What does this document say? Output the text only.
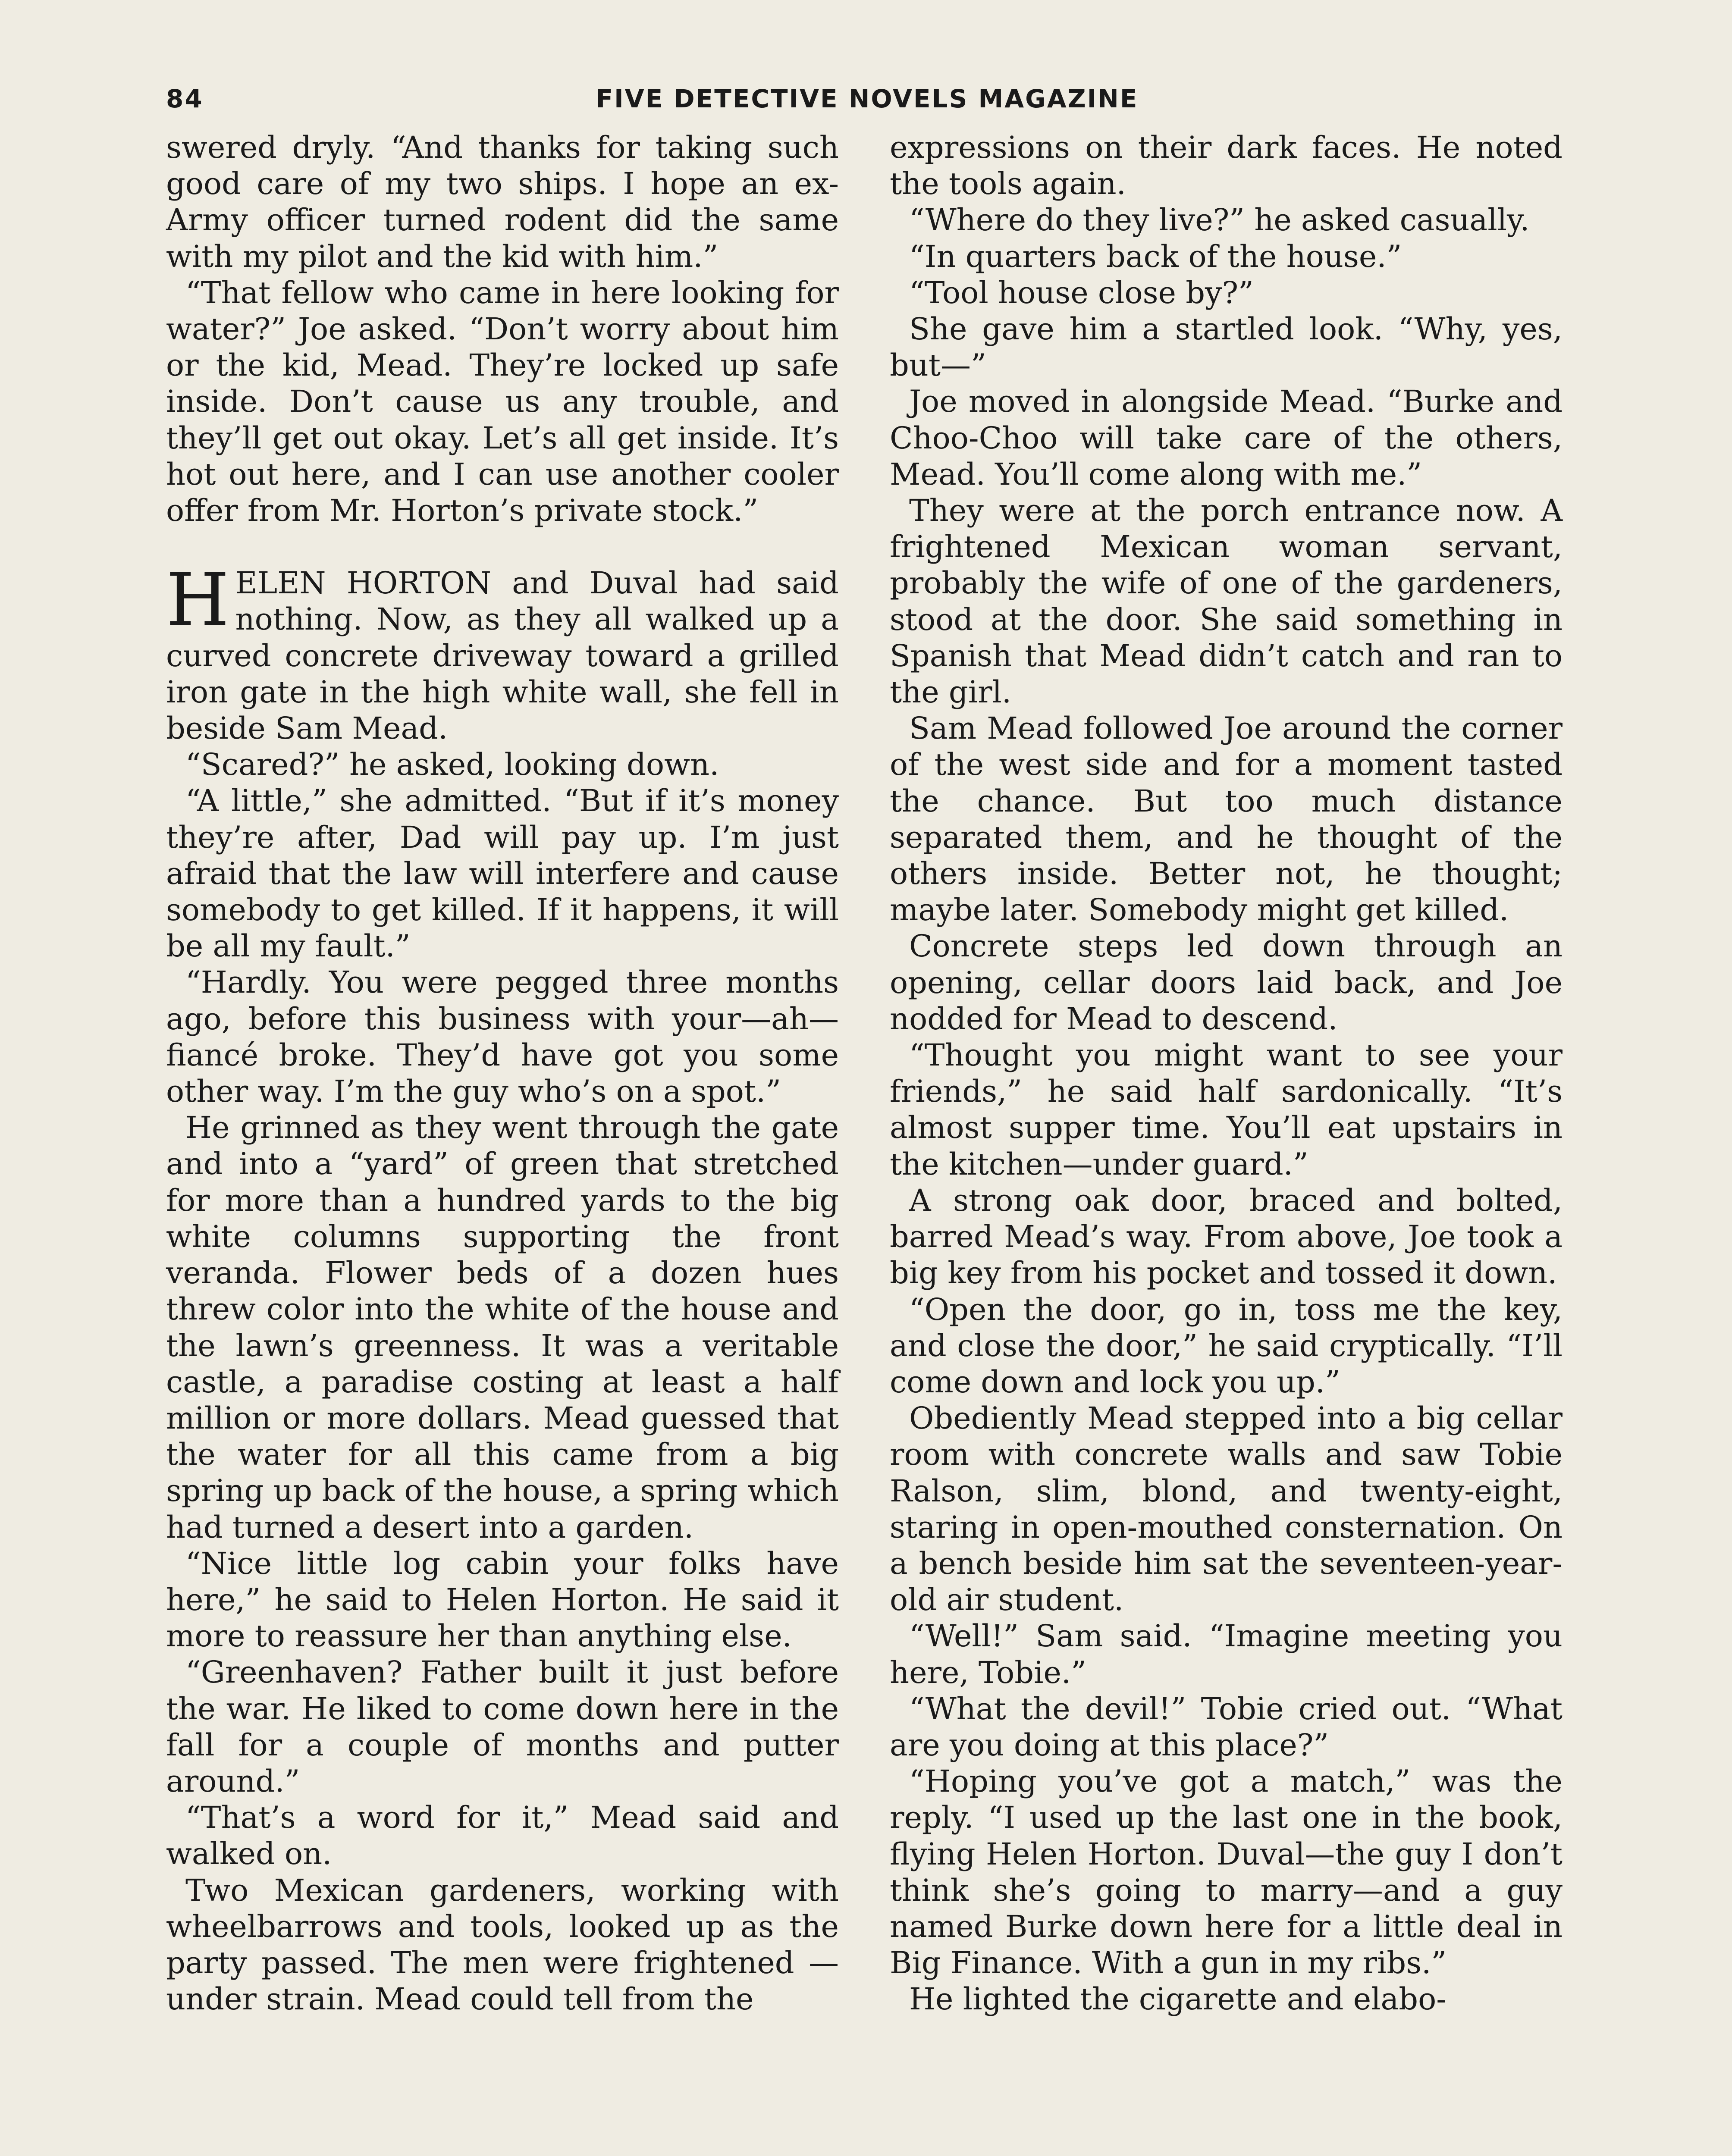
84	FIVE DETECTIVE NOVELS MAGAZINE

swered dryly. “And thanks for taking such good care of my two ships. I hope an ex-Army officer turned rodent did the same with my pilot and the kid with him.”

“That fellow who came in here looking for water?” Joe asked. “Don’t worry about him or the kid, Mead. They’re locked up safe inside. Don’t cause us any trouble, and they’ll get out okay. Let’s all get inside. It’s hot out here, and I can use another cooler offer from Mr. Horton’s private stock.”

HELEN HORTON and Duval had said nothing. Now, as they all walked up a curved concrete driveway toward a grilled iron gate in the high white wall, she fell in beside Sam Mead.

“Scared?” he asked, looking down.

“A little,” she admitted. “But if it’s money they’re after, Dad will pay up. I’m just afraid that the law will interfere and cause somebody to get killed. If it happens, it will be all my fault.”

“Hardly. You were pegged three months ago, before this business with your—ah—fiancé broke. They’d have got you some other way. I’m the guy who’s on a spot.”

He grinned as they went through the gate and into a “yard” of green that stretched for more than a hundred yards to the big white columns supporting the front veranda. Flower beds of a dozen hues threw color into the white of the house and the lawn’s greenness. It was a veritable castle, a paradise costing at least a half million or more dollars. Mead guessed that the water for all this came from a big spring up back of the house, a spring which had turned a desert into a garden.

“Nice little log cabin your folks have here,” he said to Helen Horton. He said it more to reassure her than anything else.

“Greenhaven? Father built it just before the war. He liked to come down here in the fall for a couple of months and putter around.”

“That’s a word for it,” Mead said and walked on.

Two Mexican gardeners, working with wheelbarrows and tools, looked up as the party passed. The men were frightened —under strain. Mead could tell from the

expressions on their dark faces. He noted the tools again.

“Where do they live?” he asked casually.

“In quarters back of the house.”

“Tool house close by?”

She gave him a startled look. “Why, yes, but—”

Joe moved in alongside Mead. “Burke and Choo-Choo will take care of the others, Mead. You’ll come along with me.”

They were at the porch entrance now. A frightened Mexican woman servant, probably the wife of one of the gardeners, stood at the door. She said something in Spanish that Mead didn’t catch and ran to the girl.

Sam Mead followed Joe around the corner of the west side and for a moment tasted the chance. But too much distance separated them, and he thought of the others inside. Better not, he thought; maybe later. Somebody might get killed.

Concrete steps led down through an opening, cellar doors laid back, and Joe nodded for Mead to descend.

“Thought you might want to see your friends,” he said half sardonically. “It’s almost supper time. You’ll eat upstairs in the kitchen—under guard.”

A strong oak door, braced and bolted, barred Mead’s way. From above, Joe took a big key from his pocket and tossed it down.

“Open the door, go in, toss me the key, and close the door,” he said cryptically. “I’ll come down and lock you up.”

Obediently Mead stepped into a big cellar room with concrete walls and saw Tobie Ralson, slim, blond, and twenty-eight, staring in open-mouthed consternation. On a bench beside him sat the seventeen-year-old air student.

“Well!” Sam said. “Imagine meeting you here, Tobie.”

“What the devil!” Tobie cried out. “What are you doing at this place?”

“Hoping you’ve got a match,” was the reply. “I used up the last one in the book, flying Helen Horton. Duval—the guy I don’t think she’s going to marry—and a guy named Burke down here for a little deal in Big Finance. With a gun in my ribs.”

He lighted the cigarette and elabo-
